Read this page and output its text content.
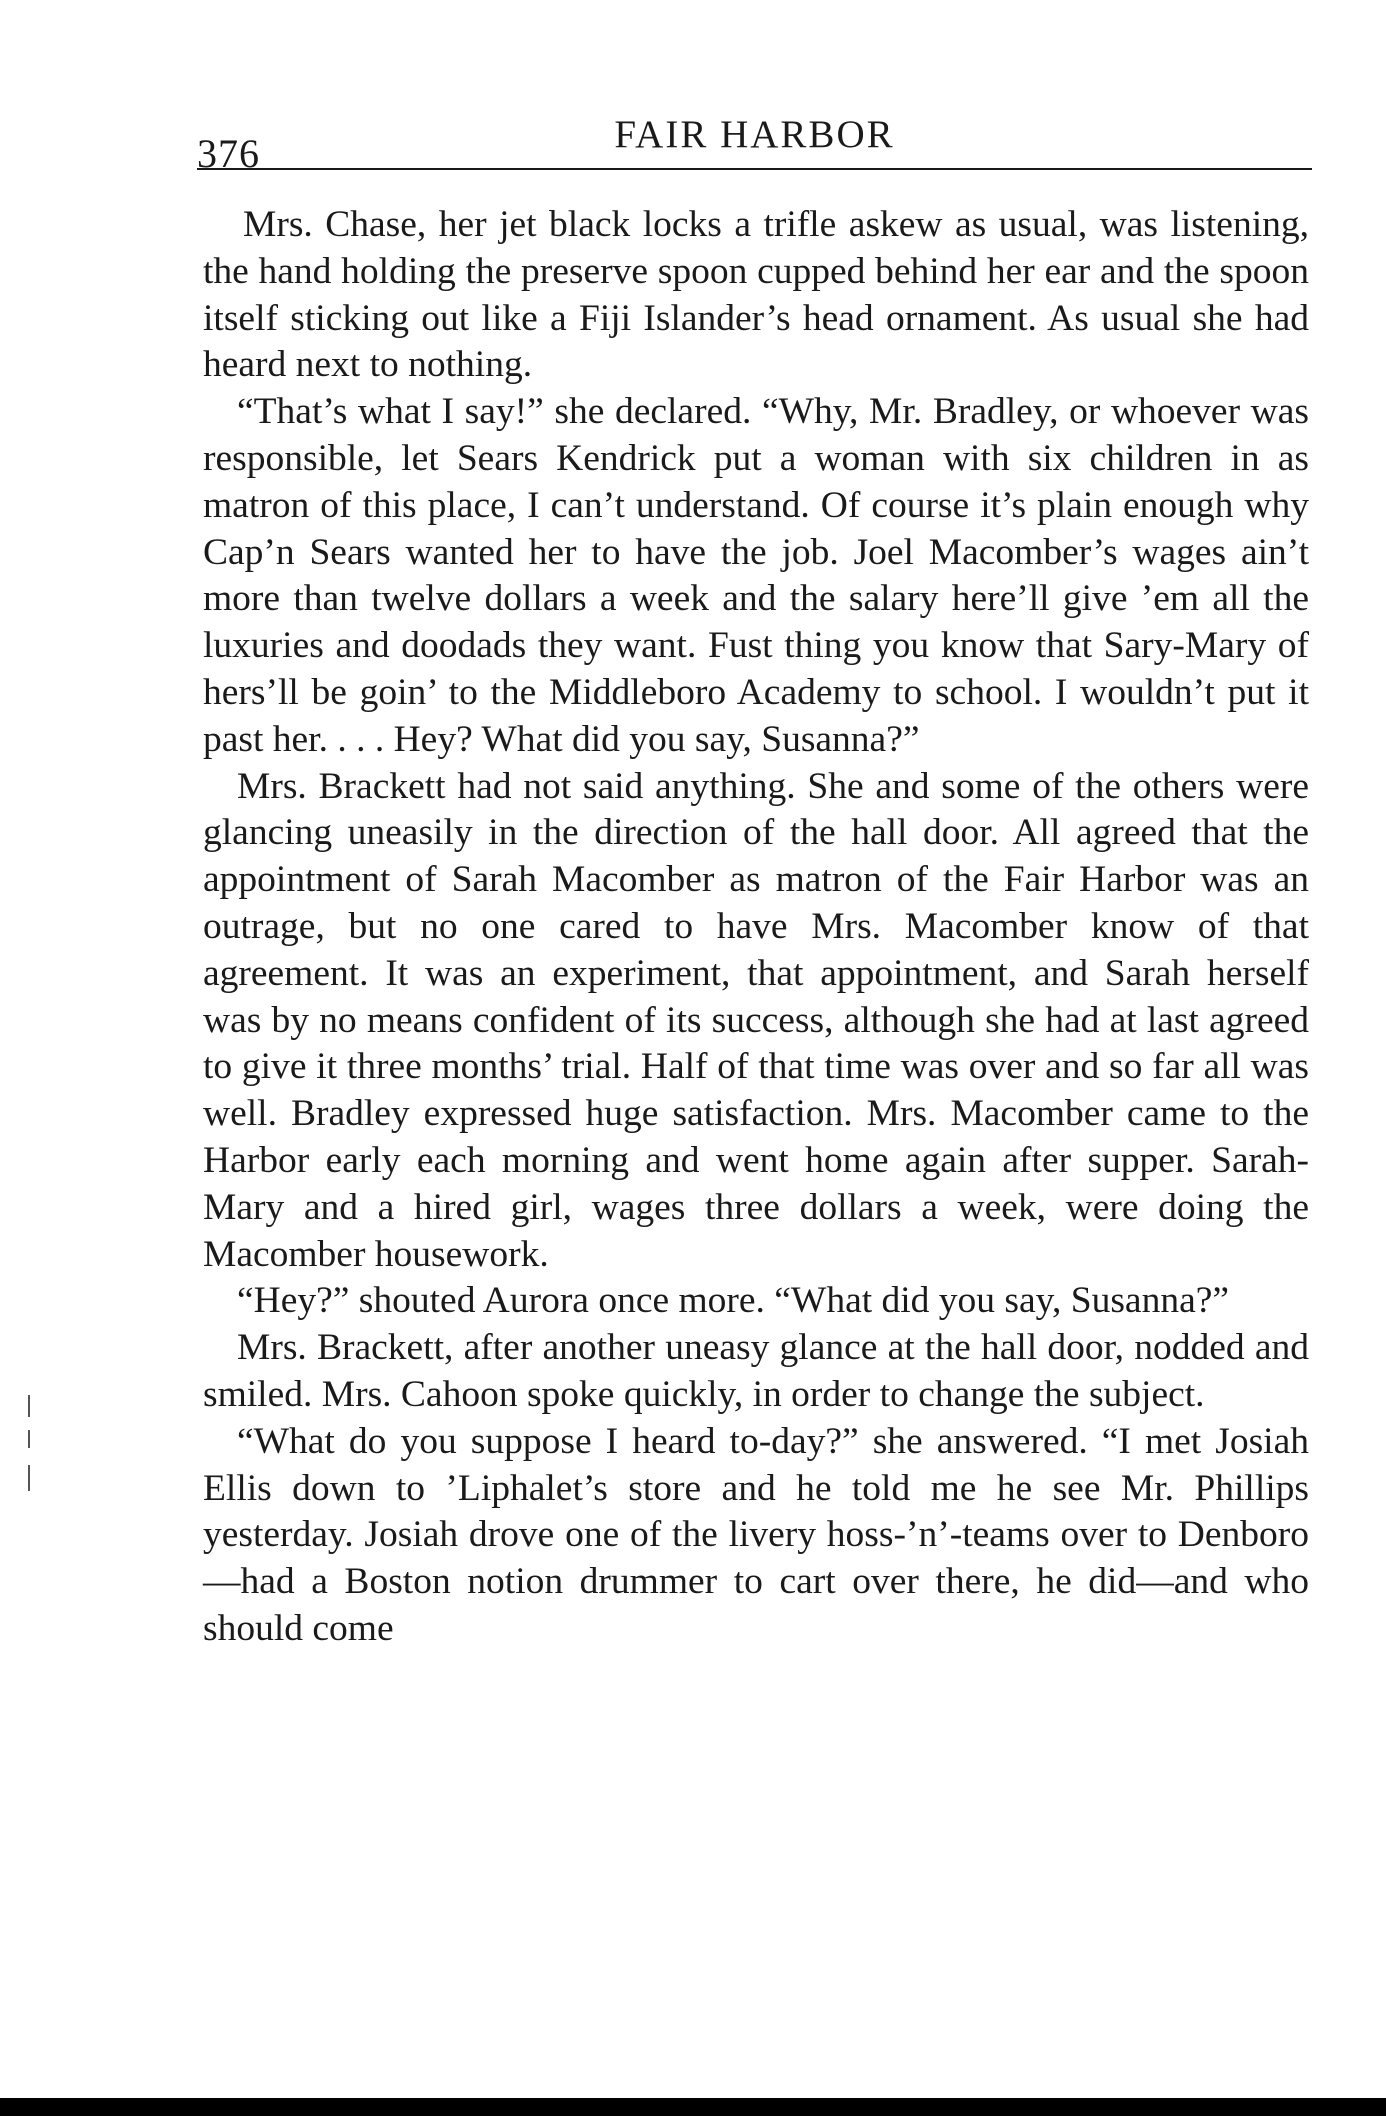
376	FAIR HARBOR

Mrs. Chase, her jet black locks a trifle askew as usual, was listening, the hand holding the preserve spoon cupped behind her ear and the spoon itself sticking out like a Fiji Islander’s head ornament. As usual she had heard next to nothing.

“That’s what I say!” she declared. “Why, Mr. Bradley, or whoever was responsible, let Sears Kendrick put a woman with six children in as matron of this place, I can’t understand. Of course it’s plain enough why Cap’n Sears wanted her to have the job. Joel Macomber’s wages ain’t more than twelve dollars a week and the salary here’ll give ’em all the luxuries and doodads they want. Fust thing you know that Sary-Mary of hers’ll be goin’ to the Middleboro Academy to school. I wouldn’t put it past her. . . . Hey? What did you say, Susanna?”

Mrs. Brackett had not said anything. She and some of the others were glancing uneasily in the direction of the hall door. All agreed that the appointment of Sarah Macomber as matron of the Fair Harbor was an outrage, but no one cared to have Mrs. Macomber know of that agreement. It was an experiment, that appointment, and Sarah herself was by no means confident of its success, although she had at last agreed to give it three months’ trial. Half of that time was over and so far all was well. Bradley expressed huge satisfaction. Mrs. Macomber came to the Harbor early each morning and went home again after supper. Sarah-Mary and a hired girl, wages three dollars a week, were doing the Macomber housework.

“Hey?” shouted Aurora once more. “What did you say, Susanna?”

Mrs. Brackett, after another uneasy glance at the hall door, nodded and smiled. Mrs. Cahoon spoke quickly, in order to change the subject.

“What do you suppose I heard to-day?” she answered. “I met Josiah Ellis down to ’Liphalet’s store and he told me he see Mr. Phillips yesterday. Josiah drove one of the livery hoss-’n’-teams over to Denboro—had a Boston notion drummer to cart over there, he did—and who should come
